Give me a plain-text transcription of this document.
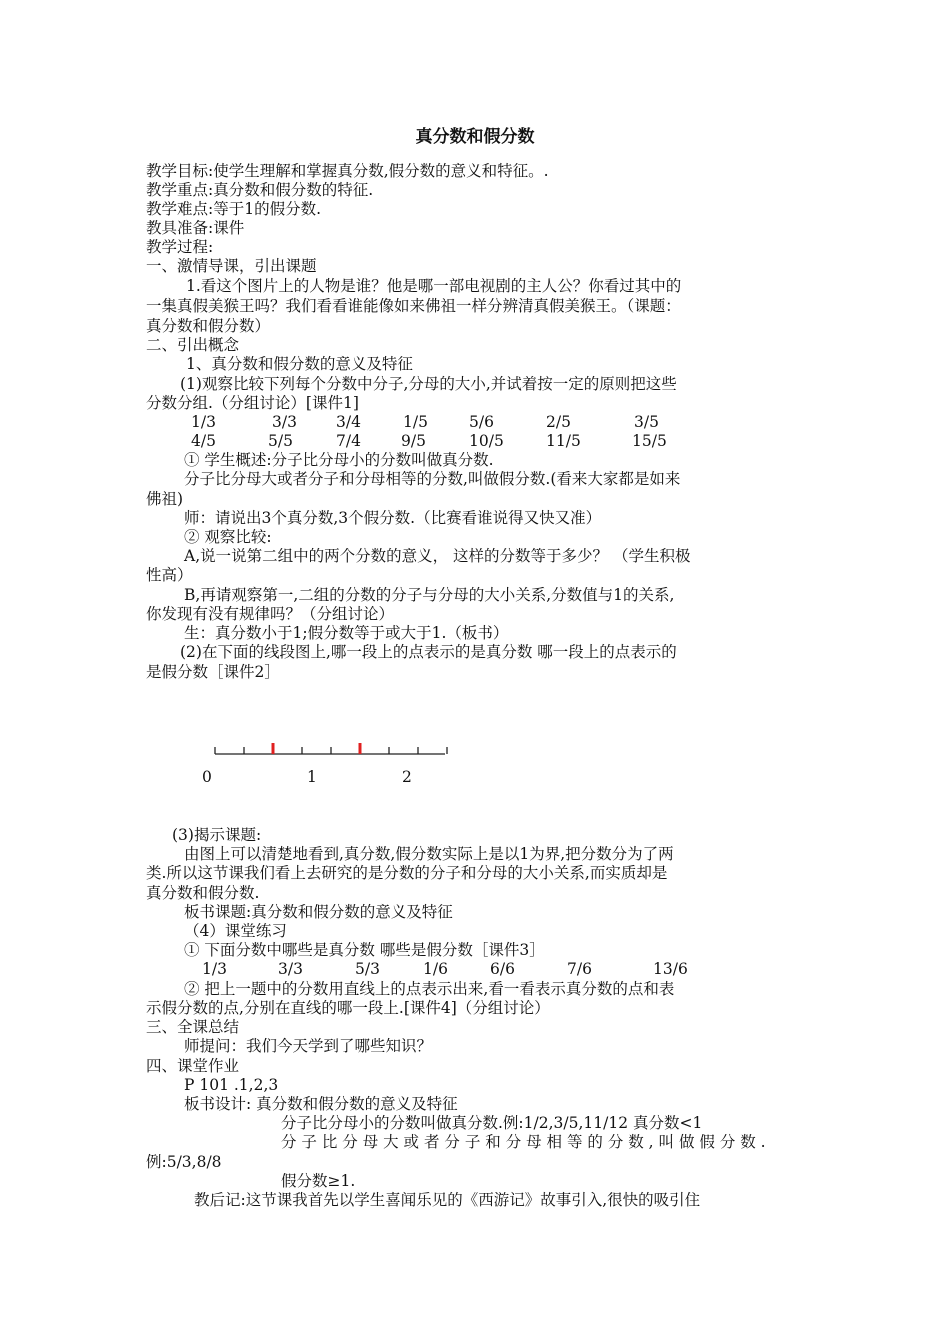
真分数和假分数
教学目标:使学生理解和掌握真分数,假分数的意义和特征。.
教学重点:真分数和假分数的特征.
教学难点:等于1的假分数.
教具准备:课件
教学过程:
一、激情导课，引出课题
1.看这个图片上的人物是谁？他是哪一部电视剧的主人公？你看过其中的
一集真假美猴王吗？我们看看谁能像如来佛祖一样分辨清真假美猴王。（课题：
真分数和假分数）
二、引出概念
1、真分数和假分数的意义及特征
(1)观察比较下列每个分数中分子,分母的大小,并试着按一定的原则把这些
分数分组.（分组讨论）[课件1]
1/3	3/3	3/4	1/5	5/6	2/5	3/5
4/5	5/5	7/4	9/5	10/5	11/5	15/5
① 学生概述:分子比分母小的分数叫做真分数.
分子比分母大或者分子和分母相等的分数,叫做假分数.(看来大家都是如来
佛祖)
师：请说出3个真分数,3个假分数.（比赛看谁说得又快又准）
② 观察比较:
A,说一说第二组中的两个分数的意义， 这样的分数等于多少？ （学生积极
性高）
B,再请观察第一,二组的分数的分子与分母的大小关系,分数值与1的关系,
你发现有没有规律吗？（分组讨论）
生：真分数小于1;假分数等于或大于1.（板书）
(2)在下面的线段图上,哪一段上的点表示的是真分数 哪一段上的点表示的
是假分数［课件2］
0	1	2
(3)揭示课题:
由图上可以清楚地看到,真分数,假分数实际上是以1为界,把分数分为了两
类.所以这节课我们看上去研究的是分数的分子和分母的大小关系,而实质却是
真分数和假分数.
板书课题:真分数和假分数的意义及特征
（4）课堂练习
① 下面分数中哪些是真分数 哪些是假分数［课件3］
1/3	3/3	5/3	1/6	6/6	7/6	13/6
② 把上一题中的分数用直线上的点表示出来,看一看表示真分数的点和表
示假分数的点,分别在直线的哪一段上.[课件4]（分组讨论）
三、全课总结
师提问：我们今天学到了哪些知识？
四、课堂作业
P 101 .1,2,3
板书设计: 真分数和假分数的意义及特征
分子比分母小的分数叫做真分数.例:1/2,3/5,11/12 真分数<1
分 子 比 分 母 大 或 者 分 子 和 分 母 相 等 的 分 数 , 叫 做 假 分 数 .
例:5/3,8/8
假分数≥1.
教后记:这节课我首先以学生喜闻乐见的《西游记》故事引入,很快的吸引住
